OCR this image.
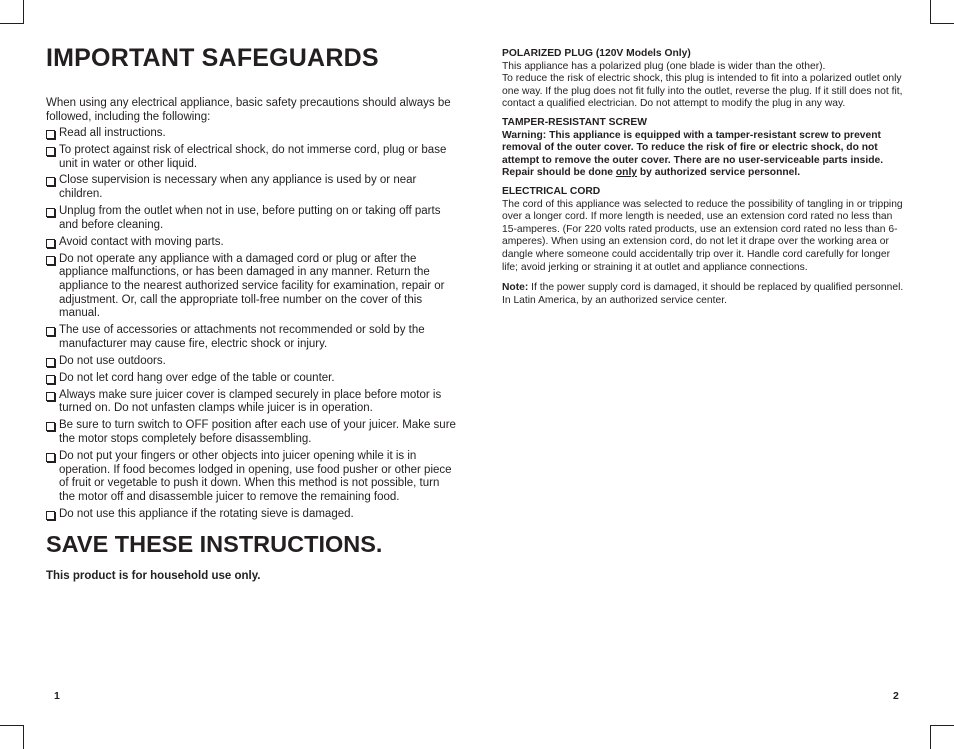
IMPORTANT SAFEGUARDS

When using any electrical appliance, basic safety precautions should always be followed, including the following:

Read all instructions.
To protect against risk of electrical shock, do not immerse cord, plug or base unit in water or other liquid.
Close supervision is necessary when any appliance is used by or near children.
Unplug from the outlet when not in use, before putting on or taking off parts and before cleaning.
Avoid contact with moving parts.
Do not operate any appliance with a damaged cord or plug or after the appliance malfunctions, or has been damaged in any manner. Return the appliance to the nearest authorized service facility for examination, repair or adjustment. Or, call the appropriate toll-free number on the cover of this manual.
The use of accessories or attachments not recommended or sold by the manufacturer may cause fire, electric shock or injury.
Do not use outdoors.
Do not let cord hang over edge of the table or counter.
Always make sure juicer cover is clamped securely in place before motor is turned on. Do not unfasten clamps while juicer is in operation.
Be sure to turn switch to OFF position after each use of your juicer. Make sure the motor stops completely before disassembling.
Do not put your fingers or other objects into juicer opening while it is in operation. If food becomes lodged in opening, use food pusher or other piece of fruit or vegetable to push it down. When this method is not possible, turn the motor off and disassemble juicer to remove the remaining food.
Do not use this appliance if the rotating sieve is damaged.
SAVE THESE INSTRUCTIONS.

This product is for household use only.

POLARIZED PLUG (120V Models Only)

This appliance has a polarized plug (one blade is wider than the other).

To reduce the risk of electric shock, this plug is intended to fit into a polarized outlet only one way. If the plug does not fit fully into the outlet, reverse the plug. If it still does not fit, contact a qualified electrician. Do not attempt to modify the plug in any way.

TAMPER-RESISTANT SCREW

Warning: This appliance is equipped with a tamper-resistant screw to prevent removal of the outer cover. To reduce the risk of fire or electric shock, do not attempt to remove the outer cover. There are no user-serviceable parts inside. Repair should be done only by authorized service personnel.

ELECTRICAL CORD

The cord of this appliance was selected to reduce the possibility of tangling in or tripping over a longer cord. If more length is needed, use an extension cord rated no less than 15-amperes. (For 220 volts rated products, use an extension cord rated no less than 6-amperes). When using an extension cord, do not let it drape over the working area or dangle where someone could accidentally trip over it. Handle cord carefully for longer life; avoid jerking or straining it at outlet and appliance connections.

Note: If the power supply cord is damaged, it should be replaced by qualified personnel. In Latin America, by an authorized service center.

1	2
